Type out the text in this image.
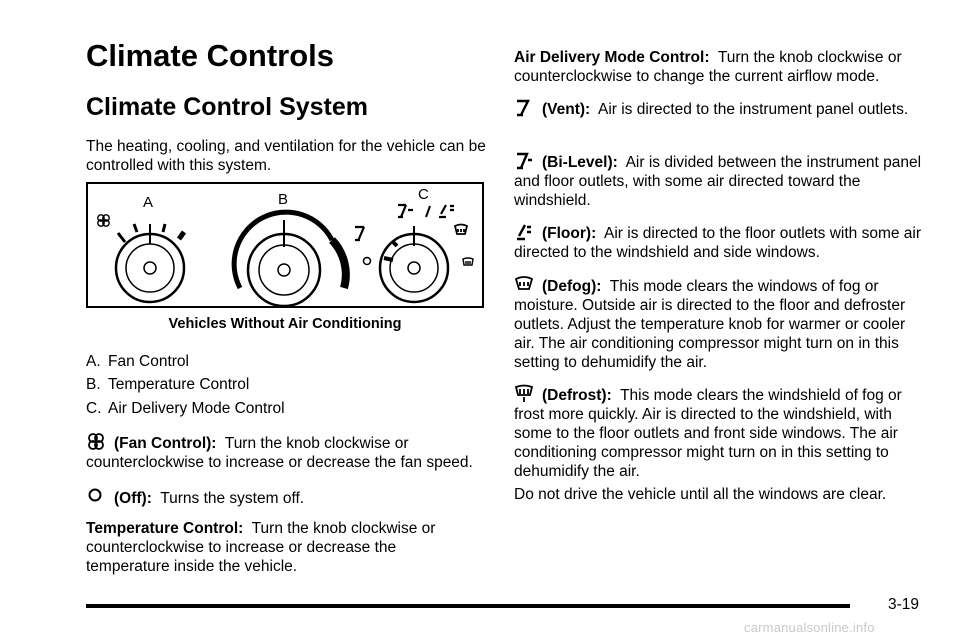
Climate Controls
Climate Control System
The heating, cooling, and ventilation for the vehicle can be controlled with this system.
A	B	C
Vehicles Without Air Conditioning
A. Fan Control
B. Temperature Control
C. Air Delivery Mode Control
(Fan Control): Turn the knob clockwise or counterclockwise to increase or decrease the fan speed.
(Off): Turns the system off.
Temperature Control: Turn the knob clockwise or counterclockwise to increase or decrease the temperature inside the vehicle.
Air Delivery Mode Control: Turn the knob clockwise or counterclockwise to change the current airflow mode.
(Vent): Air is directed to the instrument panel outlets.
(Bi-Level): Air is divided between the instrument panel and floor outlets, with some air directed toward the windshield.
(Floor): Air is directed to the floor outlets with some air directed to the windshield and side windows.
(Defog): This mode clears the windows of fog or moisture. Outside air is directed to the floor and defroster outlets. Adjust the temperature knob for warmer or cooler air. The air conditioning compressor might turn on in this setting to dehumidify the air.
(Defrost): This mode clears the windshield of fog or frost more quickly. Air is directed to the windshield, with some to the floor outlets and front side windows. The air conditioning compressor might turn on in this setting to dehumidify the air.
Do not drive the vehicle until all the windows are clear.
3-19
carmanualsonline.info
